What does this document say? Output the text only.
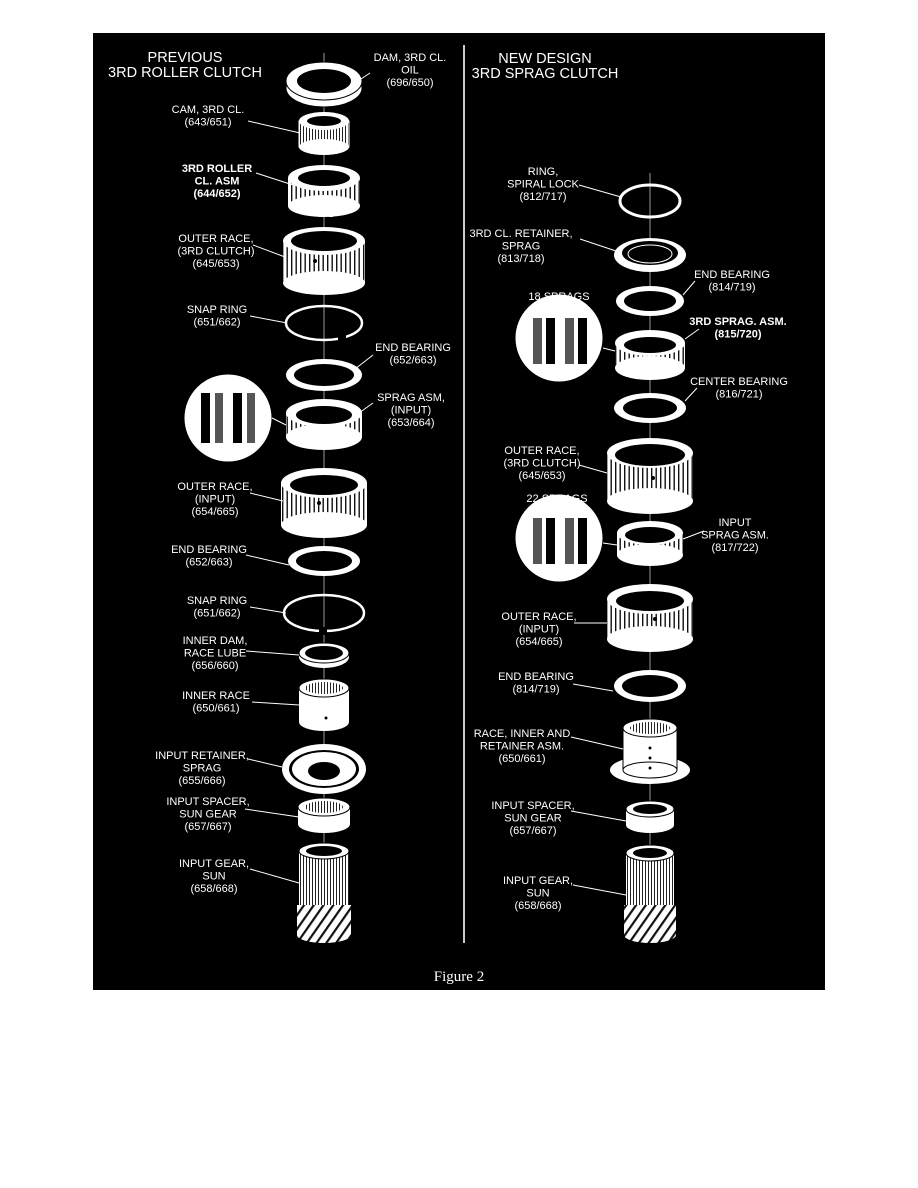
PREVIOUS
3RD ROLLER CLUTCH
NEW DESIGN
3RD SPRAG CLUTCH
DAM, 3RD CL. OIL (696/650)
CAM, 3RD CL. (643/651)
3RD ROLLER CL. ASM (644/652)
OUTER RACE, (3RD CLUTCH) (645/653)
SNAP RING (651/662)
END BEARING (652/663)
SPRAG ASM, (INPUT) (653/664)
OUTER RACE, (INPUT) (654/665)
END BEARING (652/663)
SNAP RING (651/662)
INNER DAM, RACE LUBE (656/660)
INNER RACE (650/661)
INPUT RETAINER, SPRAG (655/666)
INPUT SPACER, SUN GEAR (657/667)
INPUT GEAR, SUN (658/668)
RING, SPIRAL LOCK (812/717)
3RD CL. RETAINER, SPRAG (813/718)
END BEARING (814/719)
18 SPRAGS
3RD SPRAG. ASM. (815/720)
CENTER BEARING (816/721)
OUTER RACE, (3RD CLUTCH) (645/653)
22 SPRAGS
INPUT SPRAG ASM. (817/722)
OUTER RACE, (INPUT) (654/665)
END BEARING (814/719)
RACE, INNER AND RETAINER ASM. (650/661)
INPUT SPACER, SUN GEAR (657/667)
INPUT GEAR, SUN (658/668)
Figure 2
